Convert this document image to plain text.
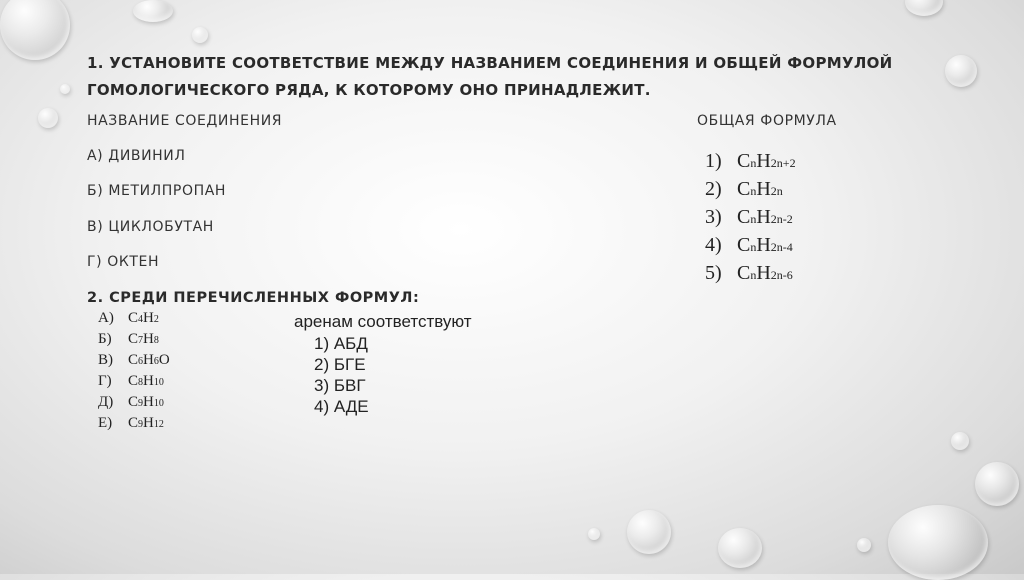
1. УСТАНОВИТЕ СООТВЕТСТВИЕ МЕЖДУ НАЗВАНИЕМ СОЕДИНЕНИЯ И ОБЩЕЙ ФОРМУЛОЙ ГОМОЛОГИЧЕСКОГО РЯДА, К КОТОРОМУ ОНО ПРИНАДЛЕЖИТ.
НАЗВАНИЕ СОЕДИНЕНИЯ	ОБЩАЯ ФОРМУЛА
А) ДИВИНИЛ
Б) МЕТИЛПРОПАН
В) ЦИКЛОБУТАН
Г) ОКТЕН
1) C n H 2n+2
2) C n H 2n
3) C n H 2n-2
4) C n H 2n-4
5) C n H 2n-6
2. СРЕДИ ПЕРЕЧИСЛЕННЫХ ФОРМУЛ:
А) C 4 H 2
Б)	C 7 H 8
В)	C 6 H 6 O
Г)	C 8 H 10
Д) C 9 H 10
Е)	C 9 H 12
аренам соответствуют
1) АБД
2) БГЕ
3) БВГ
4) АДЕ
